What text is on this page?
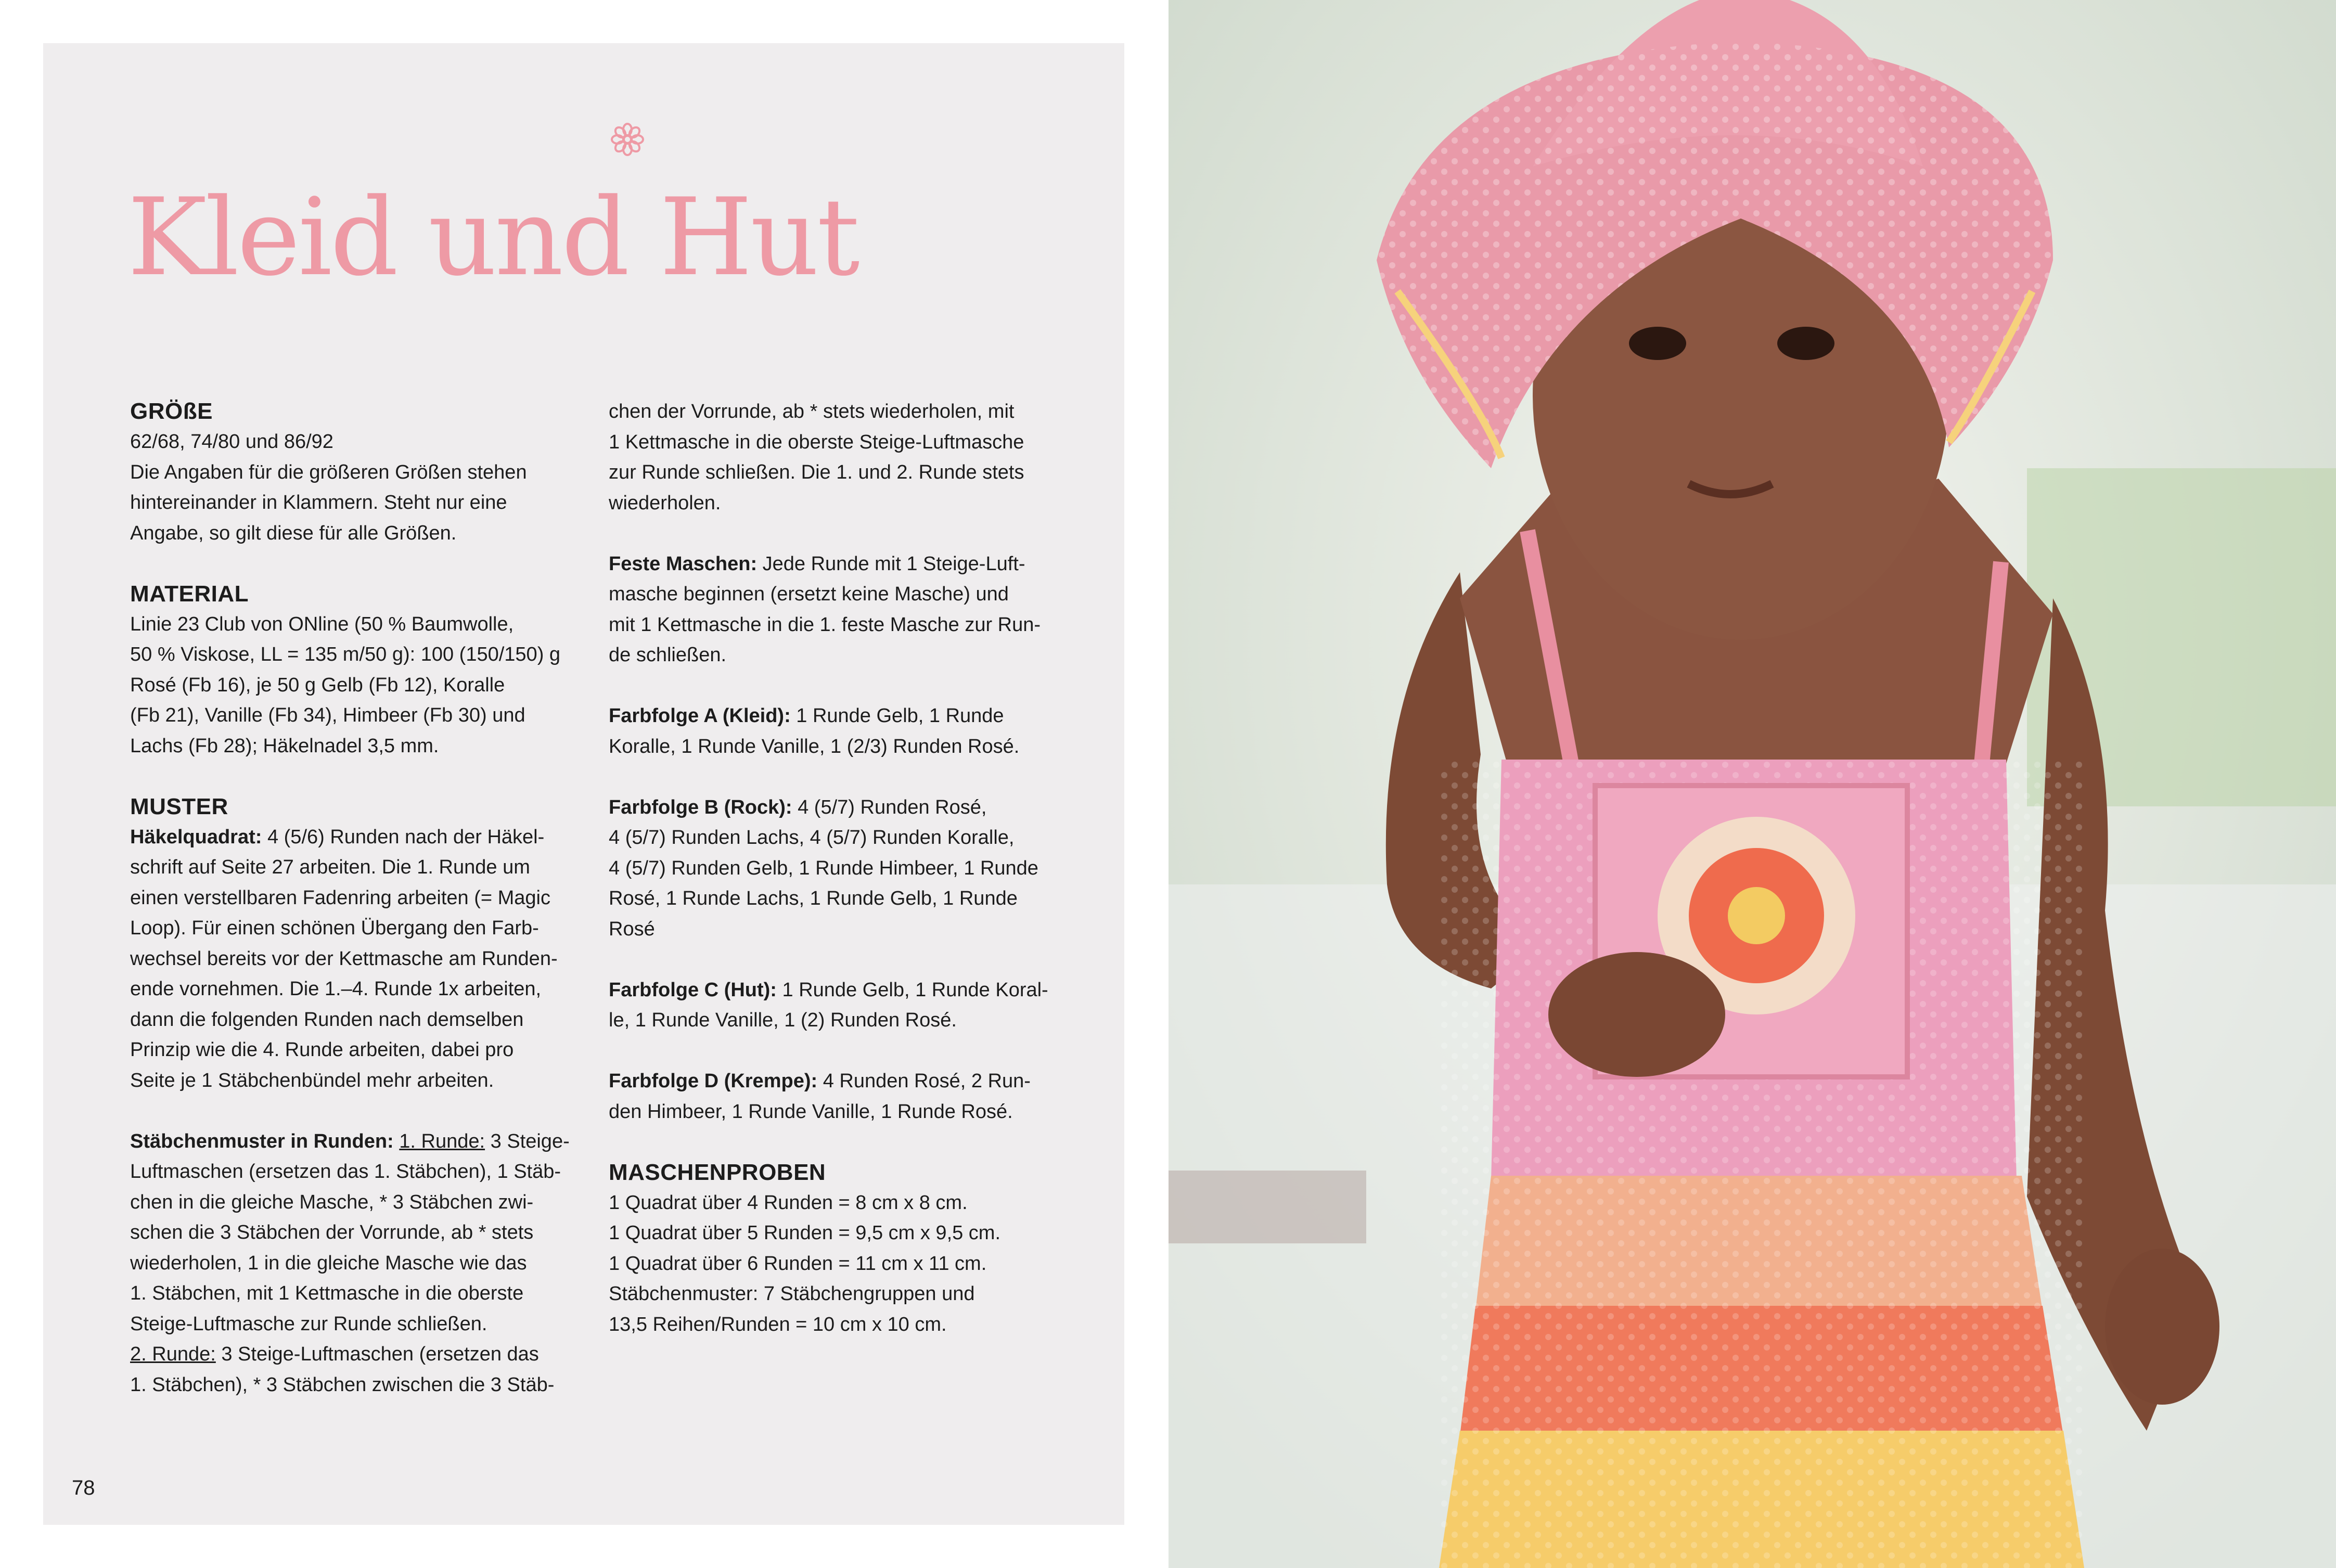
Kleid und Hut

GRÖßE

62/68, 74/80 und 86/92

Die Angaben für die größeren Größen stehen

hintereinander in Klammern. Steht nur eine

Angabe, so gilt diese für alle Größen.

MATERIAL

Linie 23 Club von ONline (50 % Baumwolle,

50 % Viskose, LL = 135 m/50 g): 100 (150/150) g

Rosé (Fb 16), je 50 g Gelb (Fb 12), Koralle

(Fb 21), Vanille (Fb 34), Himbeer (Fb 30) und

Lachs (Fb 28); Häkelnadel 3,5 mm.

MUSTER

Häkelquadrat: 4 (5/6) Runden nach der Häkel-

schrift auf Seite 27 arbeiten. Die 1. Runde um

einen verstellbaren Fadenring arbeiten (= Magic

Loop). Für einen schönen Übergang den Farb-

wechsel bereits vor der Kettmasche am Runden-

ende vornehmen. Die 1.–4. Runde 1x arbeiten,

dann die folgenden Runden nach demselben

Prinzip wie die 4. Runde arbeiten, dabei pro

Seite je 1 Stäbchenbündel mehr arbeiten.

Stäbchenmuster in Runden: 1. Runde: 3 Steige-

Luftmaschen (ersetzen das 1. Stäbchen), 1 Stäb-

chen in die gleiche Masche, * 3 Stäbchen zwi-

schen die 3 Stäbchen der Vorrunde, ab * stets

wiederholen, 1 in die gleiche Masche wie das

1. Stäbchen, mit 1 Kettmasche in die oberste

Steige-Luftmasche zur Runde schließen.

2. Runde: 3 Steige-Luftmaschen (ersetzen das

1. Stäbchen), * 3 Stäbchen zwischen die 3 Stäb-

chen der Vorrunde, ab * stets wiederholen, mit

1 Kettmasche in die oberste Steige-Luftmasche

zur Runde schließen. Die 1. und 2. Runde stets

wiederholen.

Feste Maschen: Jede Runde mit 1 Steige-Luft-

masche beginnen (ersetzt keine Masche) und

mit 1 Kettmasche in die 1. feste Masche zur Run-

de schließen.

Farbfolge A (Kleid): 1 Runde Gelb, 1 Runde

Koralle, 1 Runde Vanille, 1 (2/3) Runden Rosé.

Farbfolge B (Rock): 4 (5/7) Runden Rosé,

4 (5/7) Runden Lachs, 4 (5/7) Runden Koralle,

4 (5/7) Runden Gelb, 1 Runde Himbeer, 1 Runde

Rosé, 1 Runde Lachs, 1 Runde Gelb, 1 Runde Rosé

Farbfolge C (Hut): 1 Runde Gelb, 1 Runde Koral-

le, 1 Runde Vanille, 1 (2) Runden Rosé.

Farbfolge D (Krempe): 4 Runden Rosé, 2 Run-

den Himbeer, 1 Runde Vanille, 1 Runde Rosé.

MASCHENPROBEN

1 Quadrat über 4 Runden = 8 cm x 8 cm.

1 Quadrat über 5 Runden = 9,5 cm x 9,5 cm.

1 Quadrat über 6 Runden = 11 cm x 11 cm.

Stäbchenmuster: 7 Stäbchengruppen und

13,5 Reihen/Runden = 10 cm x 10 cm.

78
